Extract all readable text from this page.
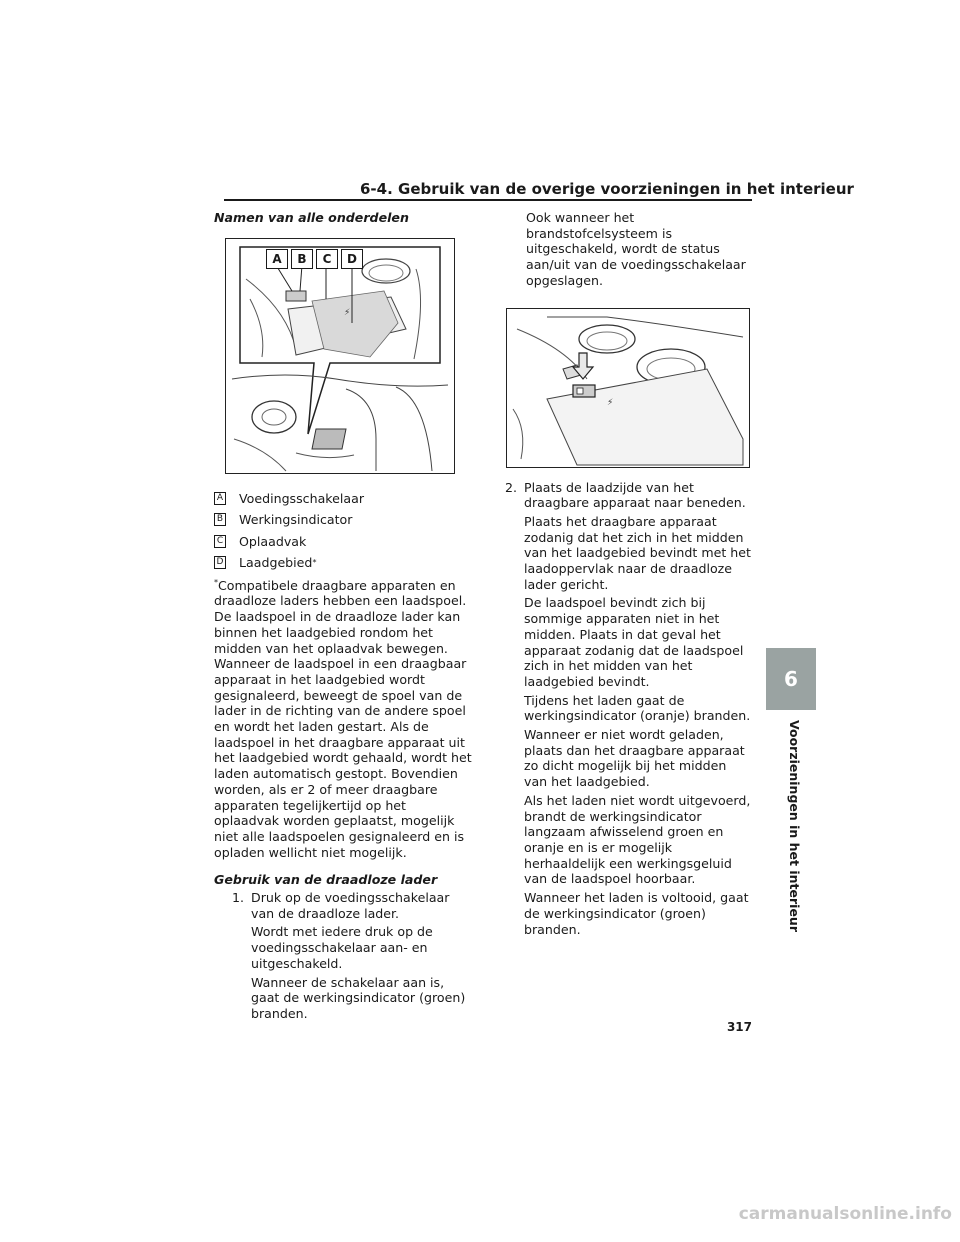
6-4. Gebruik van de overige voorzieningen in het interieur
Namen van alle onderdelen
⚡
A	B	C	D
A Voedingsschakelaar
B Werkingsindicator
C Oplaadvak
D Laadgebied *
*Compatibele draagbare apparaten en draadloze laders hebben een laadspoel. De laadspoel in de draadloze lader kan binnen het laadgebied rondom het midden van het oplaadvak bewegen. Wanneer de laadspoel in een draagbaar apparaat in het laadgebied wordt gesignaleerd, beweegt de spoel van de lader in de richting van de andere spoel en wordt het laden gestart. Als de laadspoel in het draagbare apparaat uit het laadgebied wordt gehaald, wordt het laden automatisch gestopt. Bovendien worden, als er 2 of meer draagbare apparaten tegelijkertijd op het oplaadvak worden geplaatst, mogelijk niet alle laadspoelen gesignaleerd en is opladen wellicht niet mogelijk.
Gebruik van de draadloze lader
1. Druk op de voedingsschakelaar van de draadloze lader.
Wordt met iedere druk op de voedingsschakelaar aan- en uitgeschakeld.
Wanneer de schakelaar aan is, gaat de werkingsindicator (groen) branden.
Ook wanneer het brandstofcelsysteem is uitgeschakeld, wordt de status aan/uit van de voedingsschakelaar opgeslagen.
⚡
2. Plaats de laadzijde van het draagbare apparaat naar beneden.
Plaats het draagbare apparaat zodanig dat het zich in het midden van het laadgebied bevindt met het laadoppervlak naar de draadloze lader gericht.
De laadspoel bevindt zich bij sommige apparaten niet in het midden. Plaats in dat geval het apparaat zodanig dat de laadspoel zich in het midden van het laadgebied bevindt.
Tijdens het laden gaat de werkingsindicator (oranje) branden.
Wanneer er niet wordt geladen, plaats dan het draagbare apparaat zo dicht mogelijk bij het midden van het laadgebied.
Als het laden niet wordt uitgevoerd, brandt de werkingsindicator langzaam afwisselend groen en oranje en is er mogelijk herhaaldelijk een werkingsgeluid van de laadspoel hoorbaar.
Wanneer het laden is voltooid, gaat de werkingsindicator (groen) branden.
6
Voorzieningen in het interieur
317
carmanualsonline.info
